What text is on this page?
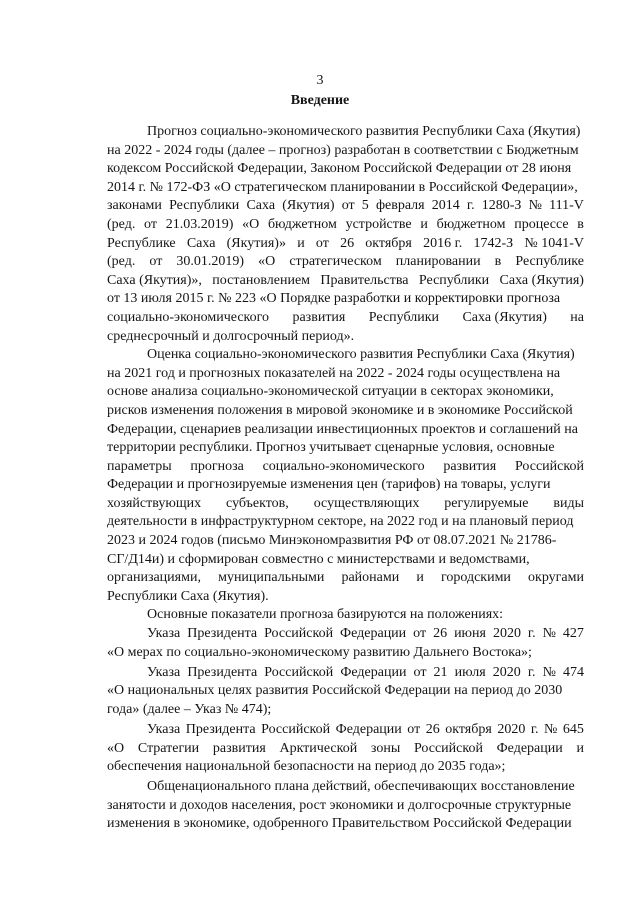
3
Введение
Прогноз социально-экономического развития Республики Саха (Якутия)
на 2022 - 2024 годы (далее – прогноз) разработан в соответствии с Бюджетным
кодексом Российской Федерации, Законом Российской Федерации от 28 июня
2014 г. № 172-ФЗ «О стратегическом планировании в Российской Федерации»,
законами Республики Саха (Якутия) от 5 февраля 2014 г. 1280-З № 111-V
(ред. от 21.03.2019) «О бюджетном устройстве и бюджетном процессе в
Республике Саха (Якутия)» и от 26 октября 2016 г. 1742-З № 1041-V
(ред. от 30.01.2019) «О стратегическом планировании в Республике
Саха (Якутия)», постановлением Правительства Республики Саха (Якутия)
от 13 июля 2015 г. № 223 «О Порядке разработки и корректировки прогноза
социально-экономического развития Республики Саха (Якутия) на
среднесрочный и долгосрочный период».
Оценка социально-экономического развития Республики Саха (Якутия)
на 2021 год и прогнозных показателей на 2022 - 2024 годы осуществлена на
основе анализа социально-экономической ситуации в секторах экономики,
рисков изменения положения в мировой экономике и в экономике Российской
Федерации, сценариев реализации инвестиционных проектов и соглашений на
территории республики. Прогноз учитывает сценарные условия, основные
параметры прогноза социально-экономического развития Российской
Федерации и прогнозируемые изменения цен (тарифов) на товары, услуги
хозяйствующих субъектов, осуществляющих регулируемые виды
деятельности в инфраструктурном секторе, на 2022 год и на плановый период
2023 и 2024 годов (письмо Минэкономразвития РФ от 08.07.2021 № 21786-
СГ/Д14и) и сформирован совместно с министерствами и ведомствами,
организациями, муниципальными районами и городскими округами
Республики Саха (Якутия).
Основные показатели прогноза базируются на положениях:
Указа Президента Российской Федерации от 26 июня 2020 г. № 427
«О мерах по социально-экономическому развитию Дальнего Востока»;
Указа Президента Российской Федерации от 21 июля 2020 г. № 474
«О национальных целях развития Российской Федерации на период до 2030
года» (далее – Указ № 474);
Указа Президента Российской Федерации от 26 октября 2020 г. № 645
«О Стратегии развития Арктической зоны Российской Федерации и
обеспечения национальной безопасности на период до 2035 года»;
Общенационального плана действий, обеспечивающих восстановление
занятости и доходов населения, рост экономики и долгосрочные структурные
изменения в экономике, одобренного Правительством Российской Федерации
